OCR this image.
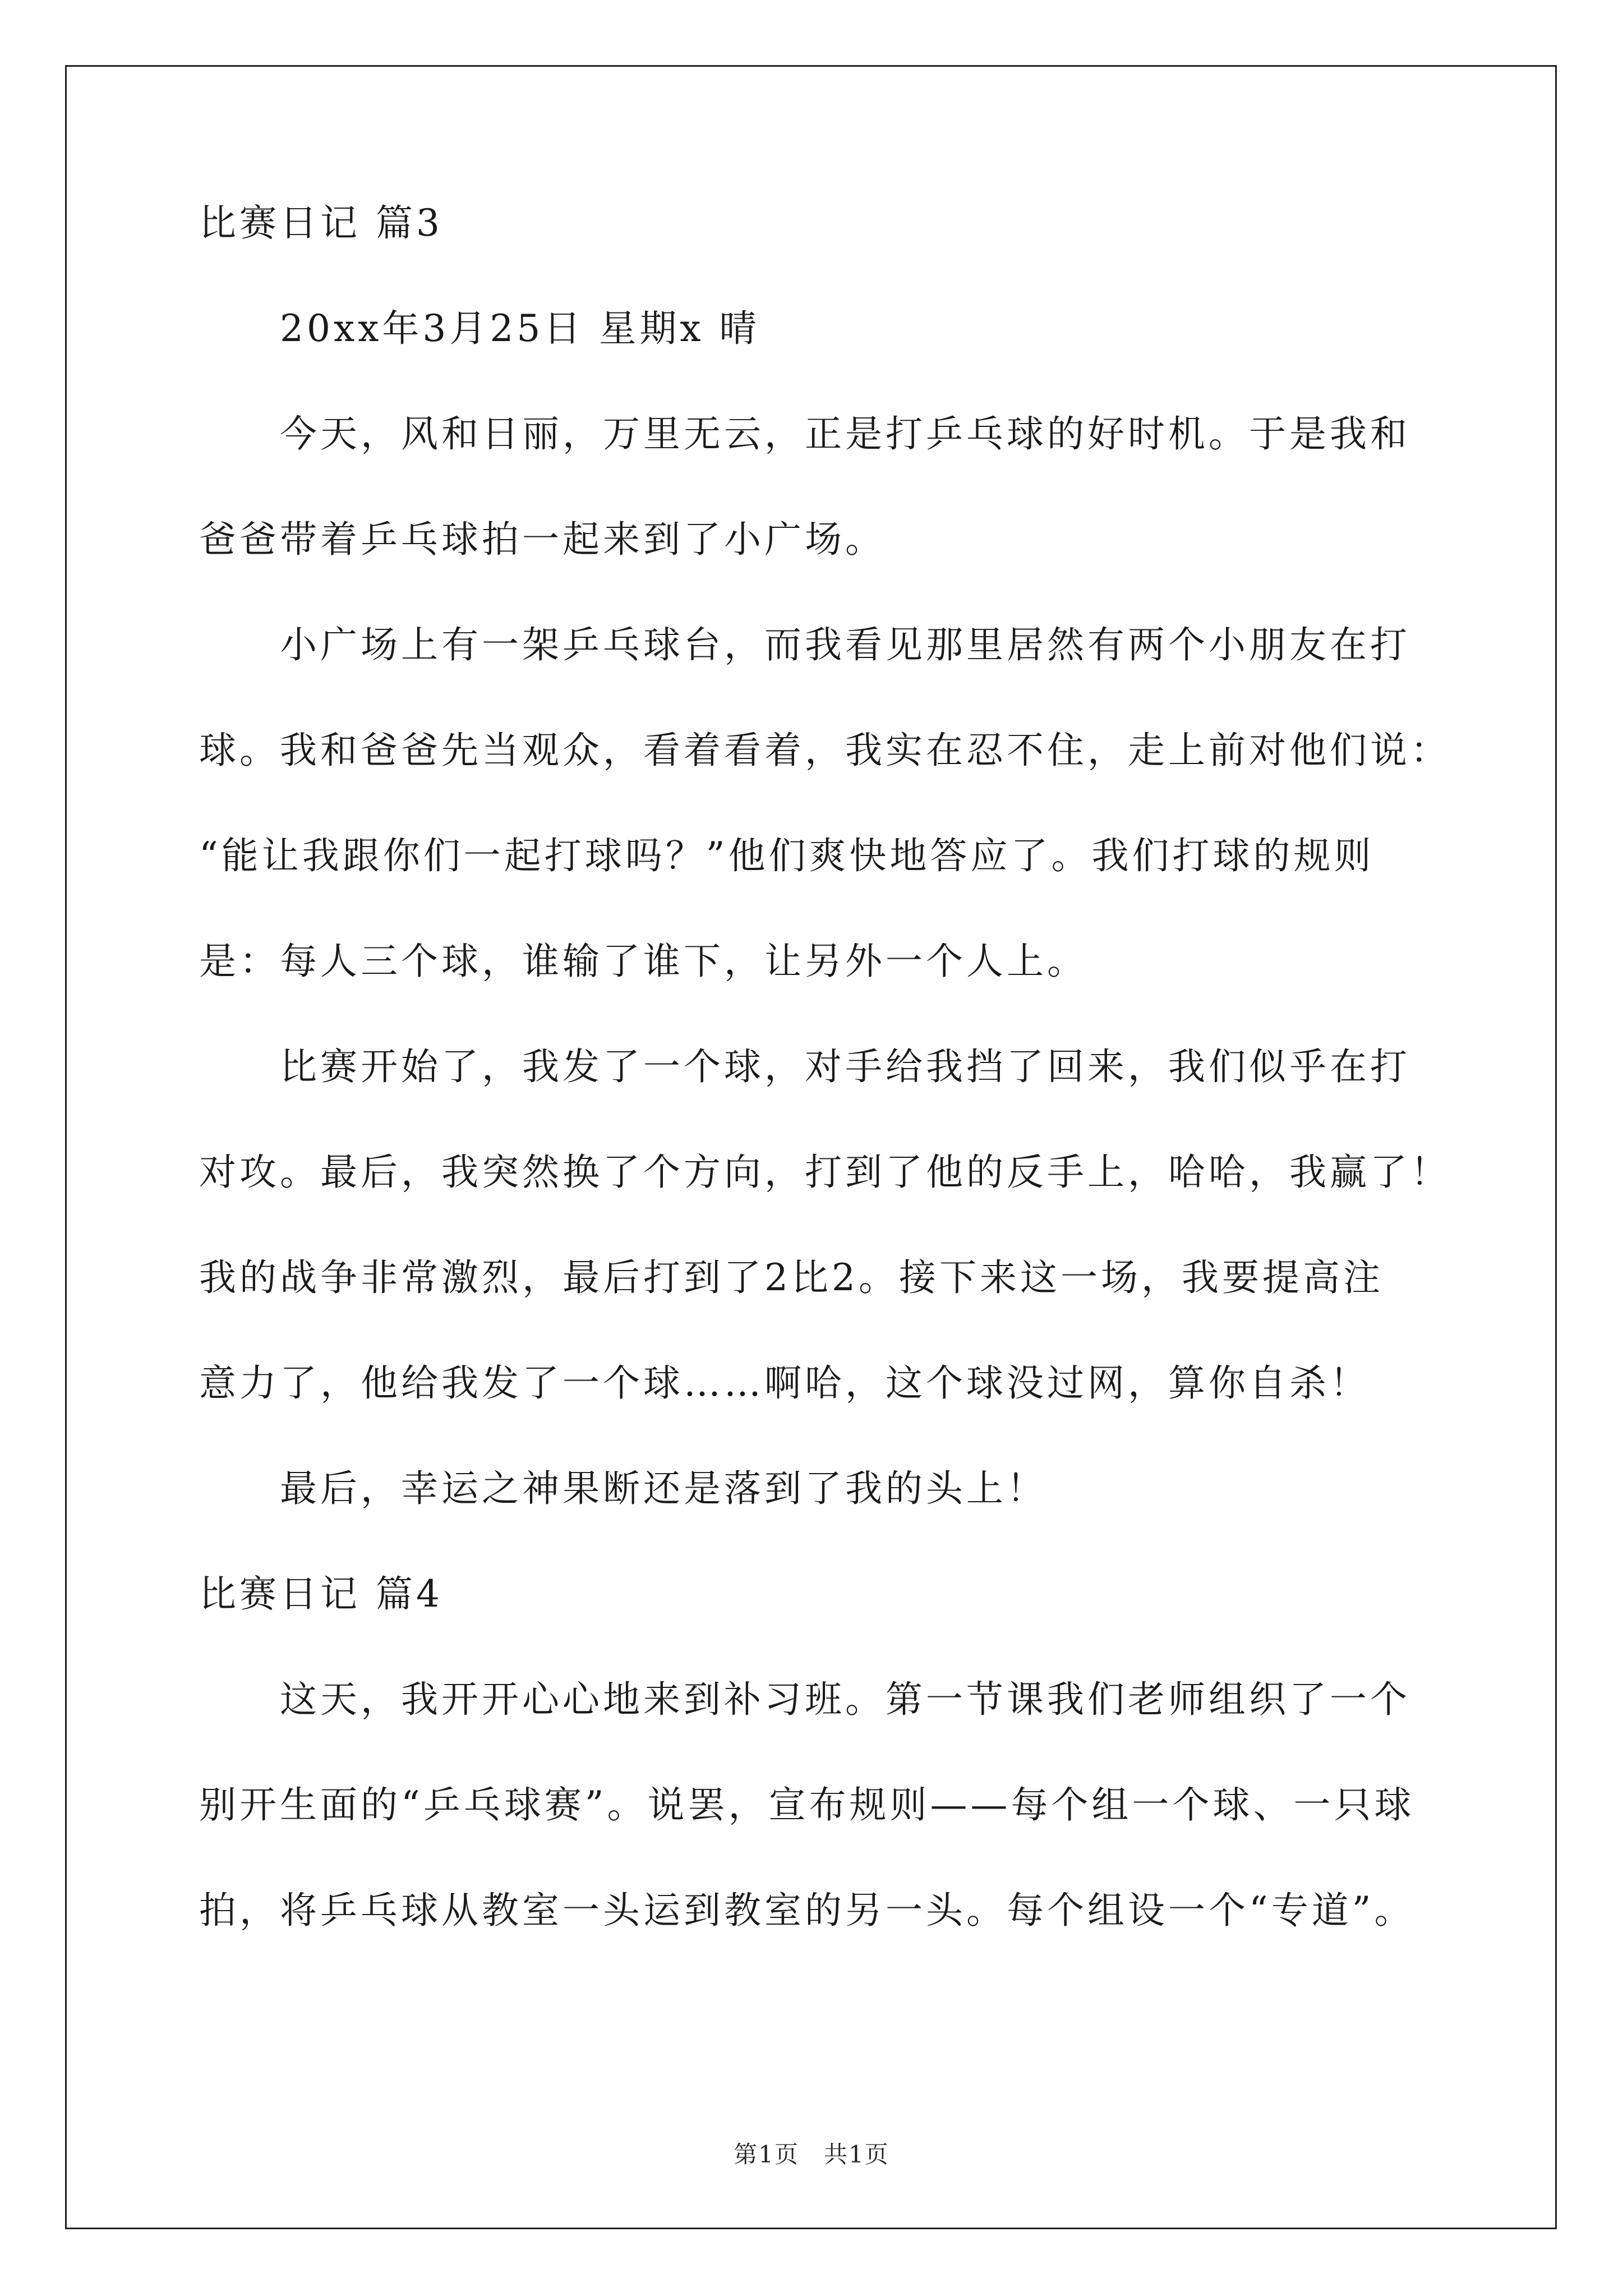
比赛日记 篇3
20xx年3月25日 星期x 晴
今天，风和日丽，万里无云，正是打乒乓球的好时机。于是我和
爸爸带着乒乓球拍一起来到了小广场。
小广场上有一架乒乓球台，而我看见那里居然有两个小朋友在打
球。我和爸爸先当观众，看着看着，我实在忍不住，走上前对他们说：
“能让我跟你们一起打球吗？”他们爽快地答应了。我们打球的规则
是：每人三个球，谁输了谁下，让另外一个人上。
比赛开始了，我发了一个球，对手给我挡了回来，我们似乎在打
对攻。最后，我突然换了个方向，打到了他的反手上，哈哈，我赢了！
我的战争非常激烈，最后打到了2比2。接下来这一场，我要提高注
意力了，他给我发了一个球……啊哈，这个球没过网，算你自杀！
最后，幸运之神果断还是落到了我的头上！
比赛日记 篇4
这天，我开开心心地来到补习班。第一节课我们老师组织了一个
别开生面的“乒乓球赛”。说罢，宣布规则——每个组一个球、一只球
拍，将乒乓球从教室一头运到教室的另一头。每个组设一个“专道”。
第1页　共1页
